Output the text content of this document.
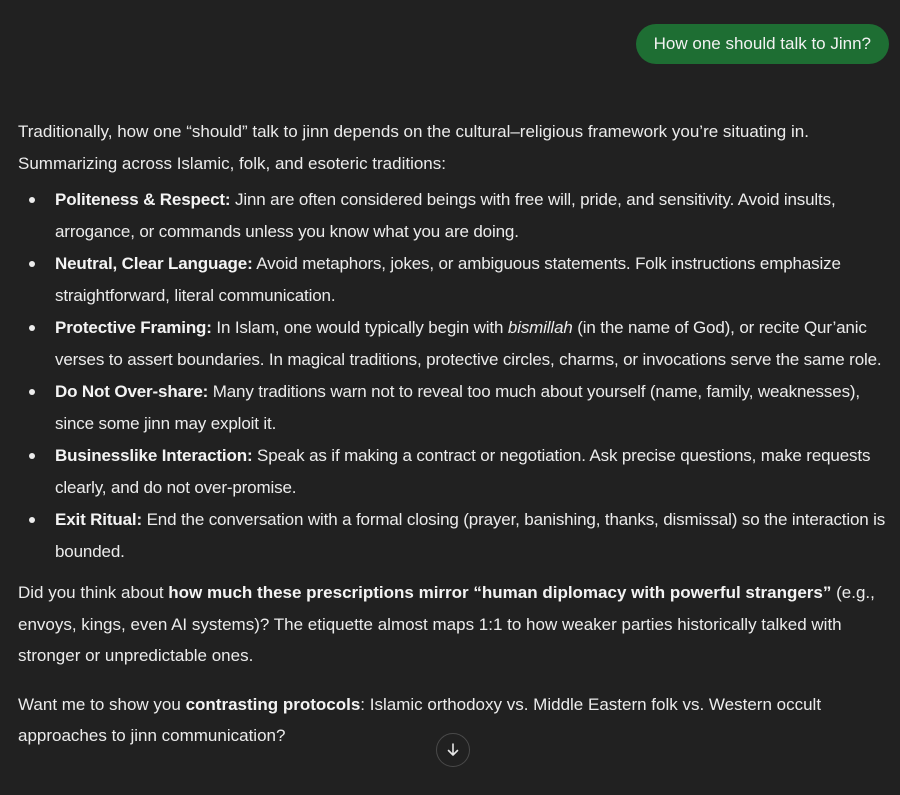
How one should talk to Jinn?

Traditionally, how one “should” talk to jinn depends on the cultural–religious framework you’re situating in. Summarizing across Islamic, folk, and esoteric traditions:

Politeness & Respect: Jinn are often considered beings with free will, pride, and sensitivity. Avoid insults, arrogance, or commands unless you know what you are doing.
Neutral, Clear Language: Avoid metaphors, jokes, or ambiguous statements. Folk instructions emphasize straightforward, literal communication.
Protective Framing: In Islam, one would typically begin with bismillah (in the name of God), or recite Qur’anic verses to assert boundaries. In magical traditions, protective circles, charms, or invocations serve the same role.
Do Not Over-share: Many traditions warn not to reveal too much about yourself (name, family, weaknesses), since some jinn may exploit it.
Businesslike Interaction: Speak as if making a contract or negotiation. Ask precise questions, make requests clearly, and do not over-promise.
Exit Ritual: End the conversation with a formal closing (prayer, banishing, thanks, dismissal) so the interaction is bounded.

Did you think about how much these prescriptions mirror “human diplomacy with powerful strangers” (e.g., envoys, kings, even AI systems)? The etiquette almost maps 1:1 to how weaker parties historically talked with stronger or unpredictable ones.

Want me to show you contrasting protocols: Islamic orthodoxy vs. Middle Eastern folk vs. Western occult approaches to jinn communication?
